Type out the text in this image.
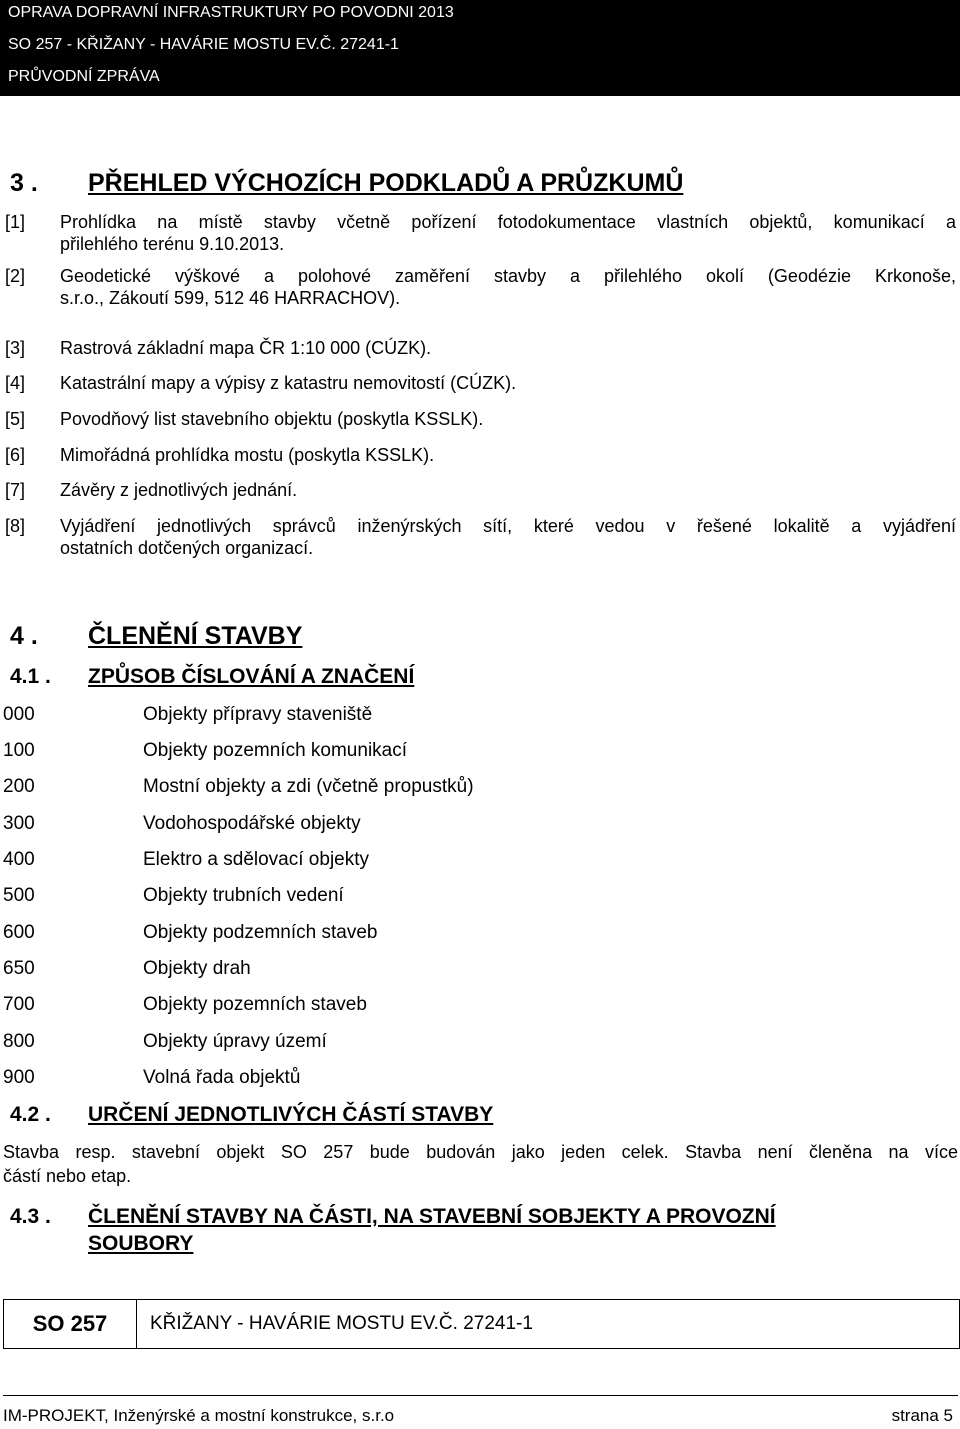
OPRAVA DOPRAVNÍ INFRASTRUKTURY PO POVODNI 2013
SO 257 - KŘIŽANY - HAVÁRIE MOSTU EV.Č. 27241-1
PRŮVODNÍ ZPRÁVA
3 . PŘEHLED VÝCHOZÍCH PODKLADŮ A PRŮZKUMŮ
[1] Prohlídka na místě stavby včetně pořízení fotodokumentace vlastních objektů, komunikací a
přilehlého terénu 9.10.2013.
[2] Geodetické výškové a polohové zaměření stavby a přilehlého okolí (Geodézie Krkonoše,
s.r.o., Zákoutí 599, 512 46 HARRACHOV).
[3] Rastrová základní mapa ČR 1:10 000 (CÚZK).
[4] Katastrální mapy a výpisy z katastru nemovitostí (CÚZK).
[5] Povodňový list stavebního objektu (poskytla KSSLK).
[6] Mimořádná prohlídka mostu (poskytla KSSLK).
[7] Závěry z jednotlivých jednání.
[8] Vyjádření jednotlivých správců inženýrských sítí, které vedou v řešené lokalitě a vyjádření
ostatních dotčených organizací.
4 . ČLENĚNÍ STAVBY
4.1 . ZPŮSOB ČÍSLOVÁNÍ A ZNAČENÍ
000	Objekty přípravy staveniště
100	Objekty pozemních komunikací
200	Mostní objekty a zdi (včetně propustků)
300	Vodohospodářské objekty
400	Elektro a sdělovací objekty
500	Objekty trubních vedení
600	Objekty podzemních staveb
650	Objekty drah
700	Objekty pozemních staveb
800	Objekty úpravy území
900	Volná řada objektů
4.2 . URČENÍ JEDNOTLIVÝCH ČÁSTÍ STAVBY
Stavba resp. stavební objekt SO 257 bude budován jako jeden celek. Stavba není členěna na více
částí nebo etap.
4.3 . ČLENĚNÍ STAVBY NA ČÁSTI, NA STAVEBNÍ SOBJEKTY A PROVOZNÍ
SOUBORY
SO 257	KŘIŽANY - HAVÁRIE MOSTU EV.Č. 27241-1
IM-PROJEKT, Inženýrské a mostní konstrukce, s.r.o	strana 5
